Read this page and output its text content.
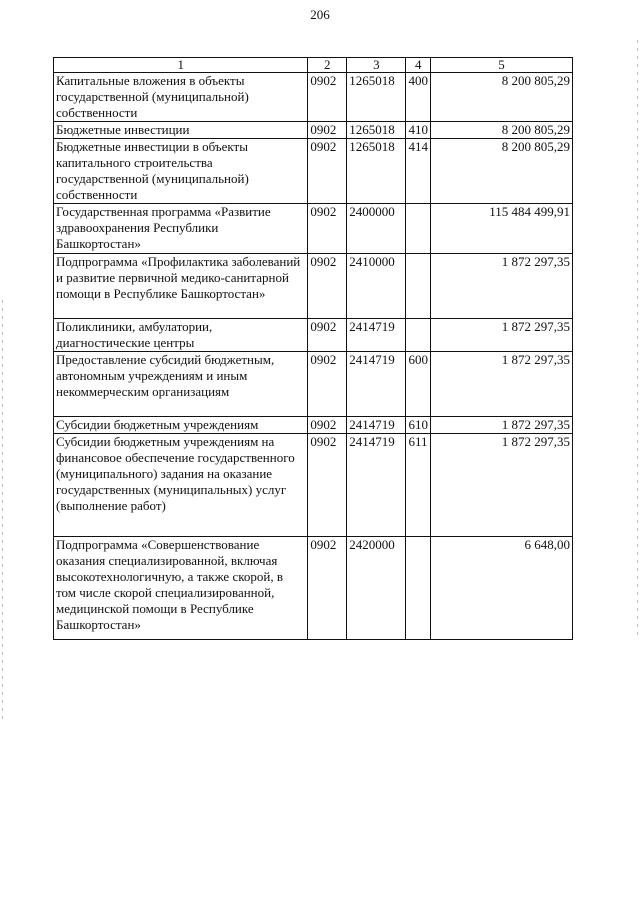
206
1	2	3	4	5
Капитальные вложения в объекты государственной (муниципальной) собственности	0902	1265018	400	8 200 805,29
Бюджетные инвестиции	0902	1265018	410	8 200 805,29
Бюджетные инвестиции в объекты капитального строительства государственной (муниципальной) собственности	0902	1265018	414	8 200 805,29
Государственная программа «Развитие здравоохранения Республики Башкортостан»	0902	2400000		115 484 499,91
Подпрограмма «Профилактика заболеваний и развитие первичной медико-санитарной помощи в Республике Башкортостан»	0902	2410000		1 872 297,35
Поликлиники, амбулатории, диагностические центры	0902	2414719		1 872 297,35
Предоставление субсидий бюджетным, автономным учреждениям и иным некоммерческим организациям	0902	2414719	600	1 872 297,35
Субсидии бюджетным учреждениям	0902	2414719	610	1 872 297,35
Субсидии бюджетным учреждениям на финансовое обеспечение государственного (муниципального) задания на оказание государственных (муниципальных) услуг (выполнение работ)	0902	2414719	611	1 872 297,35
Подпрограмма «Совершенствование оказания специализированной, включая высокотехнологичную, а также скорой, в том числе скорой специализированной, медицинской помощи в Республике Башкортостан»	0902	2420000		6 648,00
